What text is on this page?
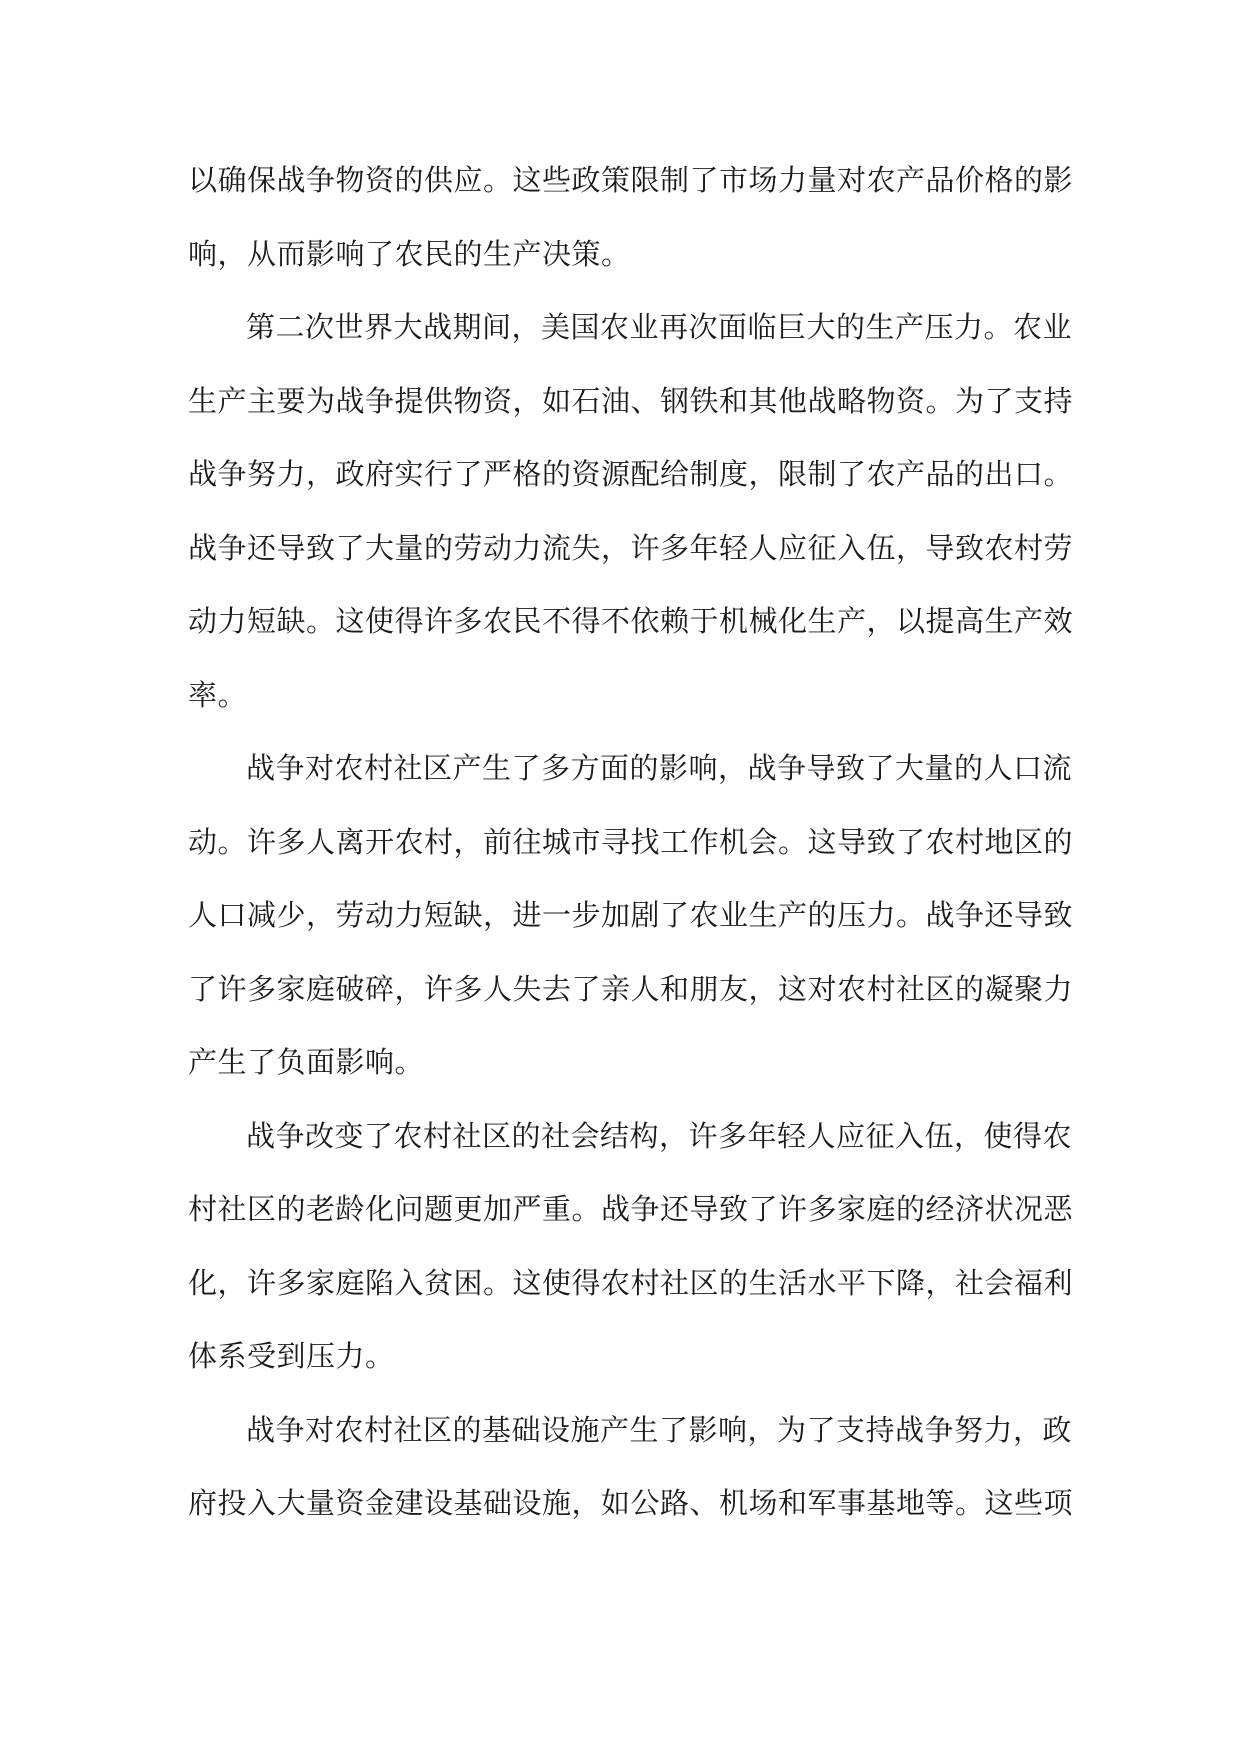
以确保战争物资的供应。这些政策限制了市场力量对农产品价格的影
响，从而影响了农民的生产决策。
第二次世界大战期间，美国农业再次面临巨大的生产压力。农业
生产主要为战争提供物资，如石油、钢铁和其他战略物资。为了支持
战争努力，政府实行了严格的资源配给制度，限制了农产品的出口。
战争还导致了大量的劳动力流失，许多年轻人应征入伍，导致农村劳
动力短缺。这使得许多农民不得不依赖于机械化生产，以提高生产效
率。
战争对农村社区产生了多方面的影响，战争导致了大量的人口流
动。许多人离开农村，前往城市寻找工作机会。这导致了农村地区的
人口减少，劳动力短缺，进一步加剧了农业生产的压力。战争还导致
了许多家庭破碎，许多人失去了亲人和朋友，这对农村社区的凝聚力
产生了负面影响。
战争改变了农村社区的社会结构，许多年轻人应征入伍，使得农
村社区的老龄化问题更加严重。战争还导致了许多家庭的经济状况恶
化，许多家庭陷入贫困。这使得农村社区的生活水平下降，社会福利
体系受到压力。
战争对农村社区的基础设施产生了影响，为了支持战争努力，政
府投入大量资金建设基础设施，如公路、机场和军事基地等。这些项
